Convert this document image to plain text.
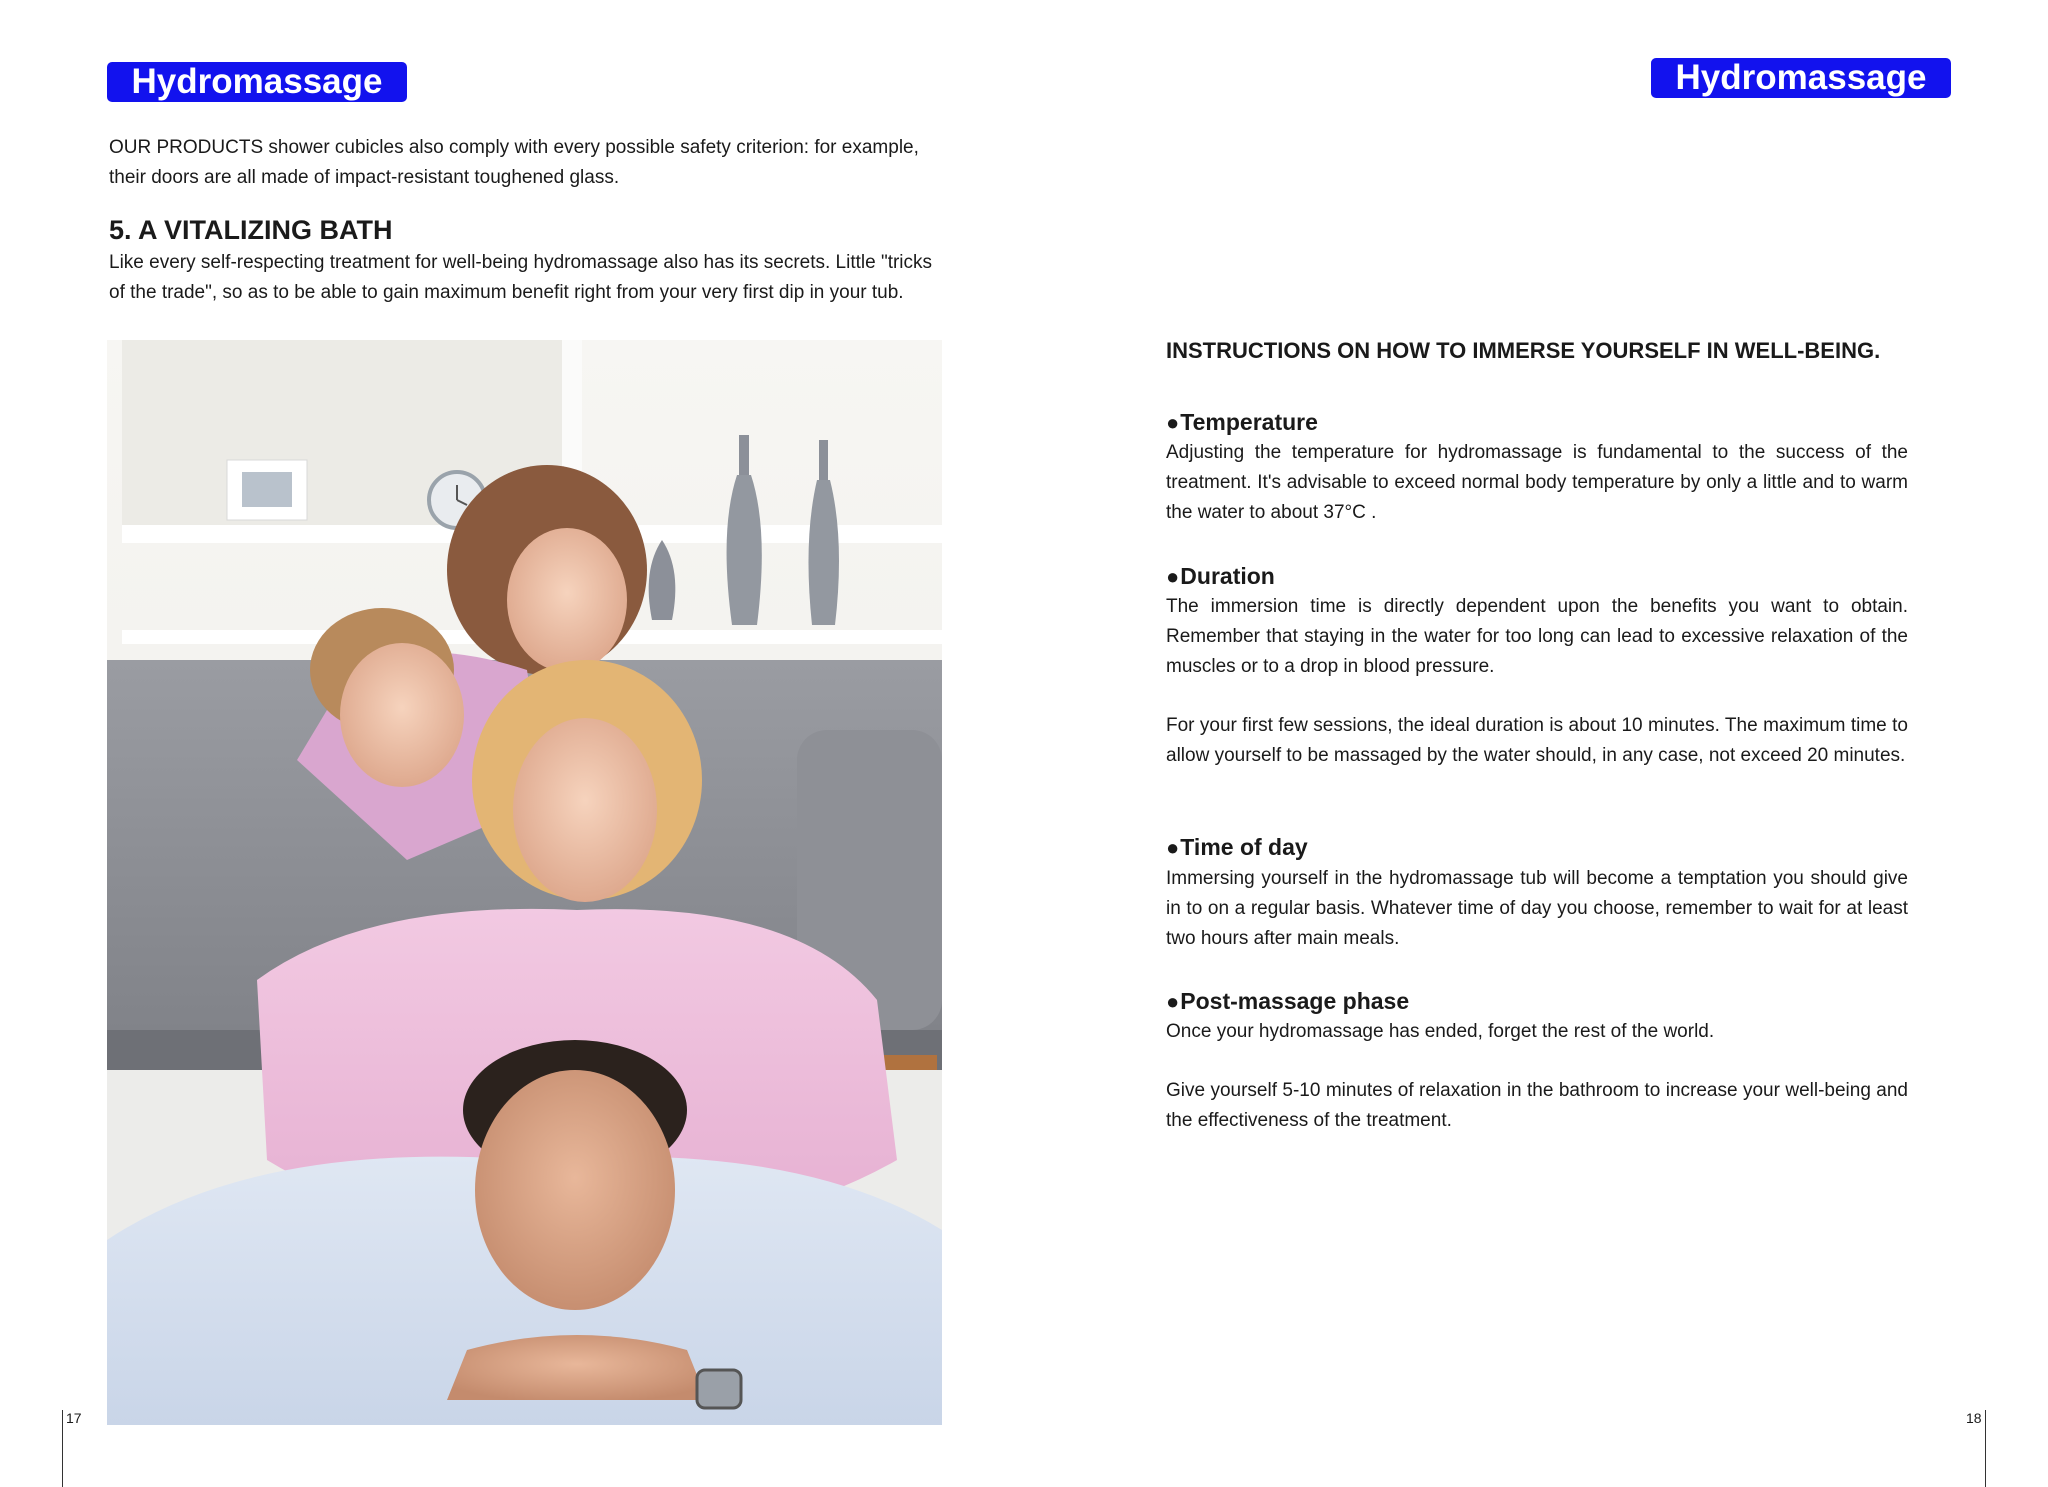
Hydromassage

OUR PRODUCTS shower cubicles also comply with every possible safety criterion: for example, their doors are all made of impact-resistant toughened glass.

5. A VITALIZING BATH

Like every self-respecting treatment for well-being hydromassage also has its secrets. Little "tricks of the trade", so as to be able to gain maximum benefit right from your very first dip in your tub.

17
Hydromassage
INSTRUCTIONS ON HOW TO IMMERSE YOURSELF IN WELL-BEING.
●Temperature

Adjusting the temperature for hydromassage is fundamental to the success of the treatment. It's advisable to exceed normal body temperature by only a little and to warm the water to about 37°C .

●Duration

The immersion time is directly dependent upon the benefits you want to obtain. Remember that staying in the water for too long can lead to excessive relaxation of the muscles or to a drop in blood pressure.

For your first few sessions, the ideal duration is about 10 minutes. The maximum time to allow yourself to be massaged by the water should, in any case, not exceed 20 minutes.

●Time of day

Immersing yourself in the hydromassage tub will become a temptation you should give in to on a regular basis. Whatever time of day you choose, remember to wait for at least two hours after main meals.

●Post-massage phase

Once your hydromassage has ended, forget the rest of the world.

Give yourself 5-10 minutes of relaxation in the bathroom to increase your well-being and the effectiveness of the treatment.

18
